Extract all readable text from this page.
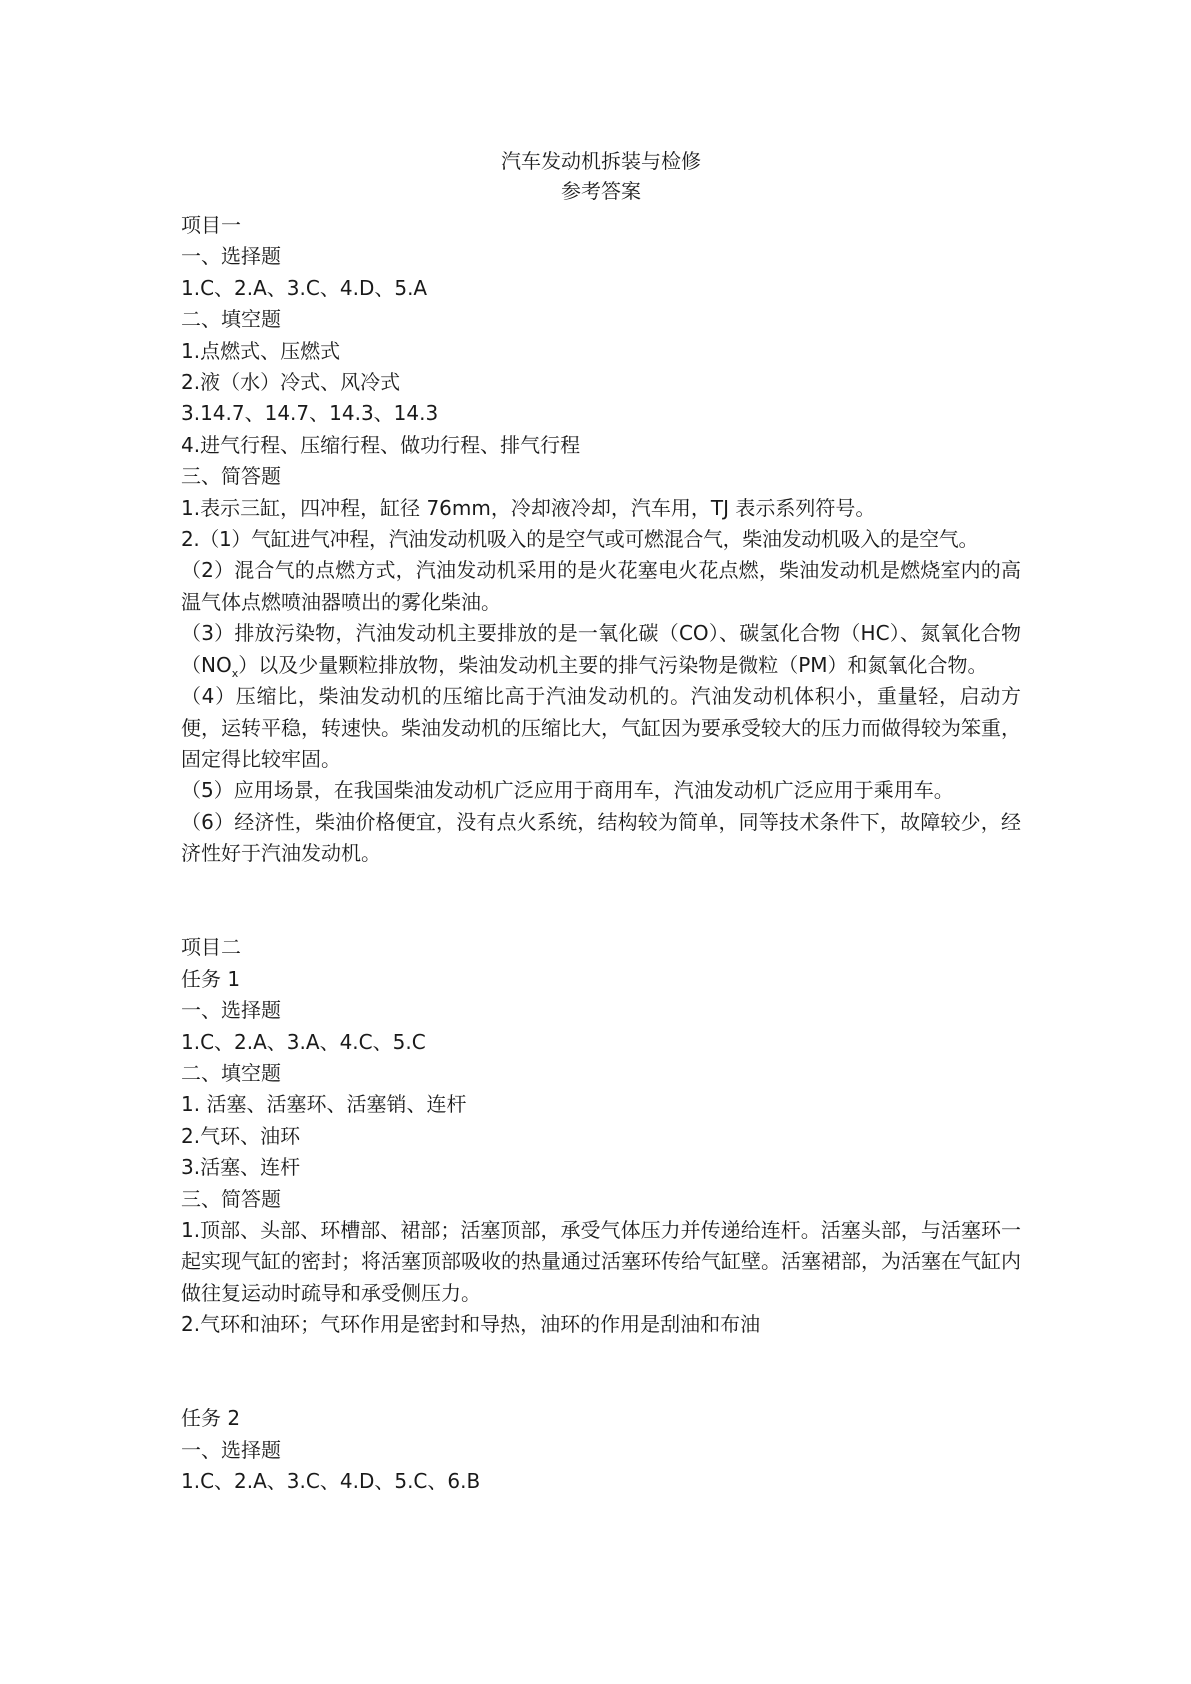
汽车发动机拆装与检修

参考答案

项目一

一、选择题

1.C、2.A、3.C、4.D、5.A

二、填空题

1.点燃式、压燃式

2.液（水）冷式、风冷式

3.14.7、14.7、14.3、14.3

4.进气行程、压缩行程、做功行程、排气行程

三、简答题

1.表示三缸，四冲程，缸径 76mm，冷却液冷却，汽车用，TJ 表示系列符号。

2.（1）气缸进气冲程，汽油发动机吸入的是空气或可燃混合气，柴油发动机吸入的是空气。

（2）混合气的点燃方式，汽油发动机采用的是火花塞电火花点燃，柴油发动机是燃烧室内的高温气体点燃喷油器喷出的雾化柴油。

（3）排放污染物，汽油发动机主要排放的是一氧化碳（CO）、碳氢化合物（HC）、氮氧化合物$(NO_x)$以及少量颗粒排放物，柴油发动机主要的排气污染物是微粒（PM）和氮氧化合物。

（4）压缩比，柴油发动机的压缩比高于汽油发动机的。汽油发动机体积小，重量轻，启动方便，运转平稳，转速快。柴油发动机的压缩比大，气缸因为要承受较大的压力而做得较为笨重，固定得比较牢固。

（5）应用场景，在我国柴油发动机广泛应用于商用车，汽油发动机广泛应用于乘用车。

（6）经济性，柴油价格便宜，没有点火系统，结构较为简单，同等技术条件下，故障较少，经济性好于汽油发动机。

项目二

任务 1

一、选择题

1.C、2.A、3.A、4.C、5.C

二、填空题

1. 活塞、活塞环、活塞销、连杆

2.气环、油环

3.活塞、连杆

三、简答题

1.顶部、头部、环槽部、裙部；活塞顶部，承受气体压力并传递给连杆。活塞头部，与活塞环一起实现气缸的密封；将活塞顶部吸收的热量通过活塞环传给气缸壁。活塞裙部，为活塞在气缸内做往复运动时疏导和承受侧压力。

2.气环和油环；气环作用是密封和导热，油环的作用是刮油和布油

任务 2

一、选择题

1.C、2.A、3.C、4.D、5.C、6.B
